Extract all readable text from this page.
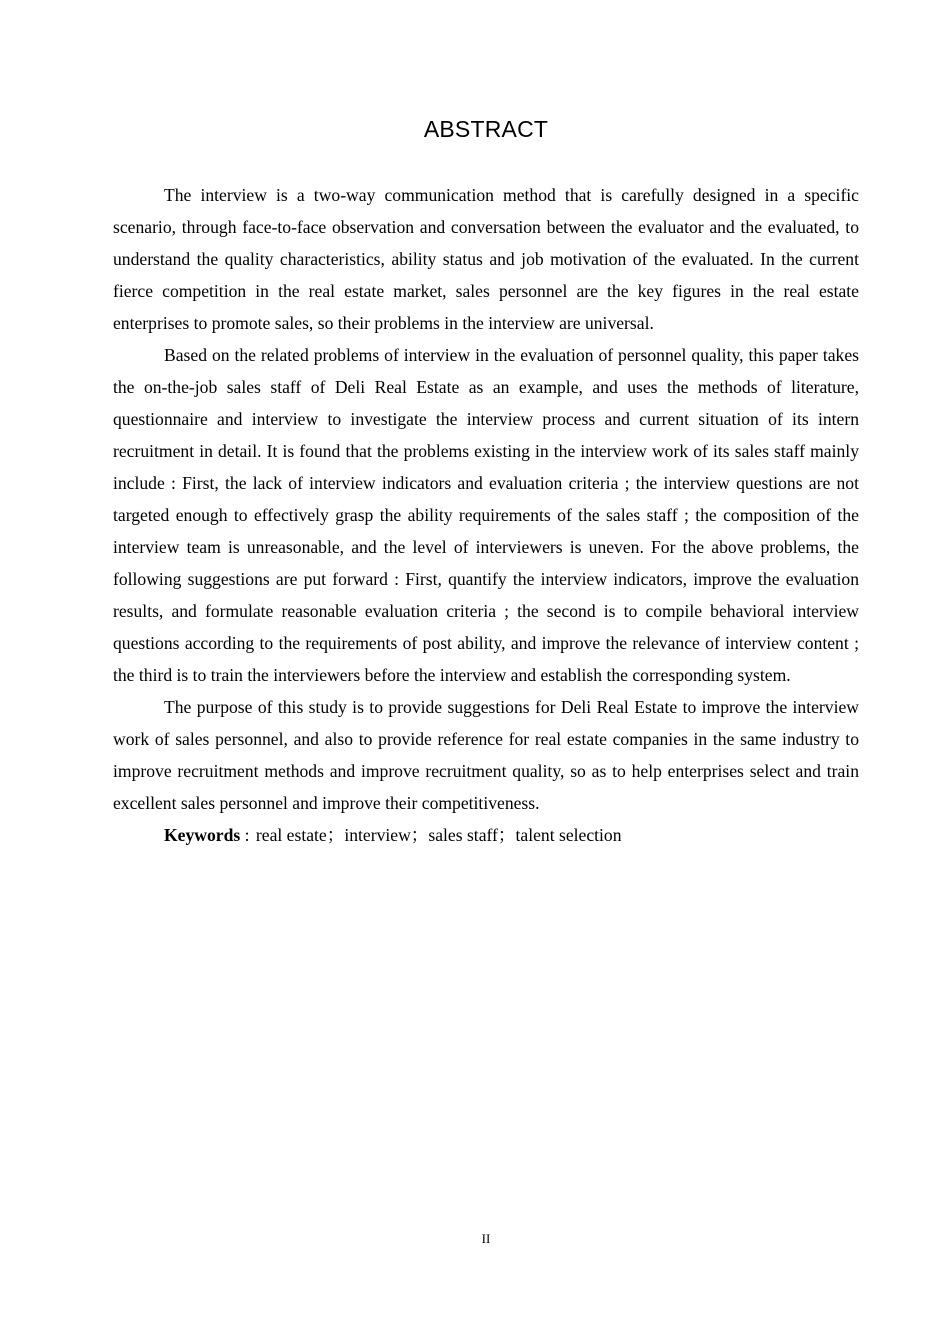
ABSTRACT

The interview is a two-way communication method that is carefully designed in a specific scenario, through face-to-face observation and conversation between the evaluator and the evaluated, to understand the quality characteristics, ability status and job motivation of the evaluated. In the current fierce competition in the real estate market, sales personnel are the key figures in the real estate enterprises to promote sales, so their problems in the interview are universal.

Based on the related problems of interview in the evaluation of personnel quality, this paper takes the on-the-job sales staff of Deli Real Estate as an example, and uses the methods of literature, questionnaire and interview to investigate the interview process and current situation of its intern recruitment in detail. It is found that the problems existing in the interview work of its sales staff mainly include : First, the lack of interview indicators and evaluation criteria ; the interview questions are not targeted enough to effectively grasp the ability requirements of the sales staff ; the composition of the interview team is unreasonable, and the level of interviewers is uneven. For the above problems, the following suggestions are put forward : First, quantify the interview indicators, improve the evaluation results, and formulate reasonable evaluation criteria ; the second is to compile behavioral interview questions according to the requirements of post ability, and improve the relevance of interview content ; the third is to train the interviewers before the interview and establish the corresponding system.

The purpose of this study is to provide suggestions for Deli Real Estate to improve the interview work of sales personnel, and also to provide reference for real estate companies in the same industry to improve recruitment methods and improve recruitment quality, so as to help enterprises select and train excellent sales personnel and improve their competitiveness.

Keywords : real estate；interview；sales staff；talent selection

II
